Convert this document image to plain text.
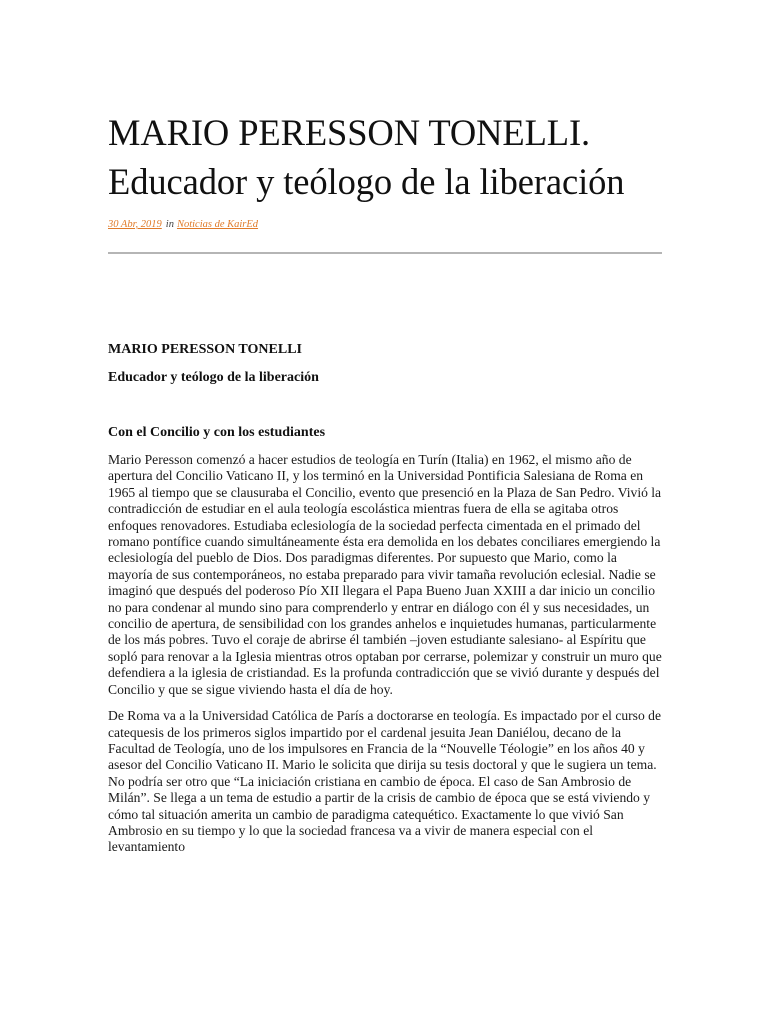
MARIO PERESSON TONELLI.
Educador y teólogo de la liberación
30 Abr, 2019 in Noticias de KairEd

MARIO PERESSON TONELLI

Educador y teólogo de la liberación

Con el Concilio y con los estudiantes

Mario Peresson comenzó a hacer estudios de teología en Turín (Italia) en 1962, el mismo año de apertura del Concilio Vaticano II, y los terminó en la Universidad Pontificia Salesiana de Roma en 1965 al tiempo que se clausuraba el Concilio, evento que presenció en la Plaza de San Pedro. Vivió la contradicción de estudiar en el aula teología escolástica mientras fuera de ella se agitaba otros enfoques renovadores. Estudiaba eclesiología de la sociedad perfecta cimentada en el primado del romano pontífice cuando simultáneamente ésta era demolida en los debates conciliares emergiendo la eclesiología del pueblo de Dios. Dos paradigmas diferentes. Por supuesto que Mario, como la mayoría de sus contemporáneos, no estaba preparado para vivir tamaña revolución eclesial. Nadie se imaginó que después del poderoso Pío XII llegara el Papa Bueno Juan XXIII a dar inicio un concilio no para condenar al mundo sino para comprenderlo y entrar en diálogo con él y sus necesidades, un concilio de apertura, de sensibilidad con los grandes anhelos e inquietudes humanas, particularmente de los más pobres. Tuvo el coraje de abrirse él también –joven estudiante salesiano- al Espíritu que sopló para renovar a la Iglesia mientras otros optaban por cerrarse, polemizar y construir un muro que defendiera a la iglesia de cristiandad. Es la profunda contradicción que se vivió durante y después del Concilio y que se sigue viviendo hasta el día de hoy.

De Roma va a la Universidad Católica de París a doctorarse en teología. Es impactado por el curso de catequesis de los primeros siglos impartido por el cardenal jesuita Jean Daniélou, decano de la Facultad de Teología, uno de los impulsores en Francia de la “Nouvelle Téologie” en los años 40 y asesor del Concilio Vaticano II. Mario le solicita que dirija su tesis doctoral y que le sugiera un tema. No podría ser otro que “La iniciación cristiana en cambio de época. El caso de San Ambrosio de Milán”. Se llega a un tema de estudio a partir de la crisis de cambio de época que se está viviendo y cómo tal situación amerita un cambio de paradigma catequético. Exactamente lo que vivió San Ambrosio en su tiempo y lo que la sociedad francesa va a vivir de manera especial con el levantamiento
